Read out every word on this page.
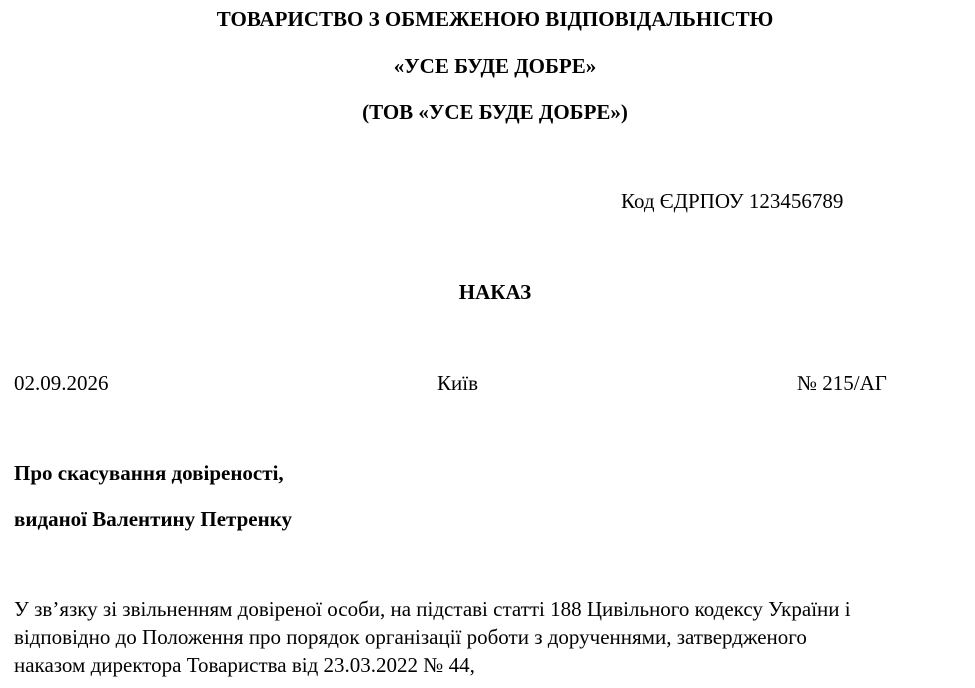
ТОВАРИСТВО З ОБМЕЖЕНОЮ ВІДПОВІДАЛЬНІСТЮ
«УСЕ БУДЕ ДОБРЕ»
(ТОВ «УСЕ БУДЕ ДОБРЕ»)
Код ЄДРПОУ 123456789
НАКАЗ
02.09.2026	Київ	№ 215/АГ
Про скасування довіреності,
виданої Валентину Петренку
У зв’язку зі звільненням довіреної особи, на підставі статті 188 Цивільного кодексу України і
відповідно до Положення про порядок організації роботи з дорученнями, затвердженого
наказом директора Товариства від 23.03.2022 № 44,
